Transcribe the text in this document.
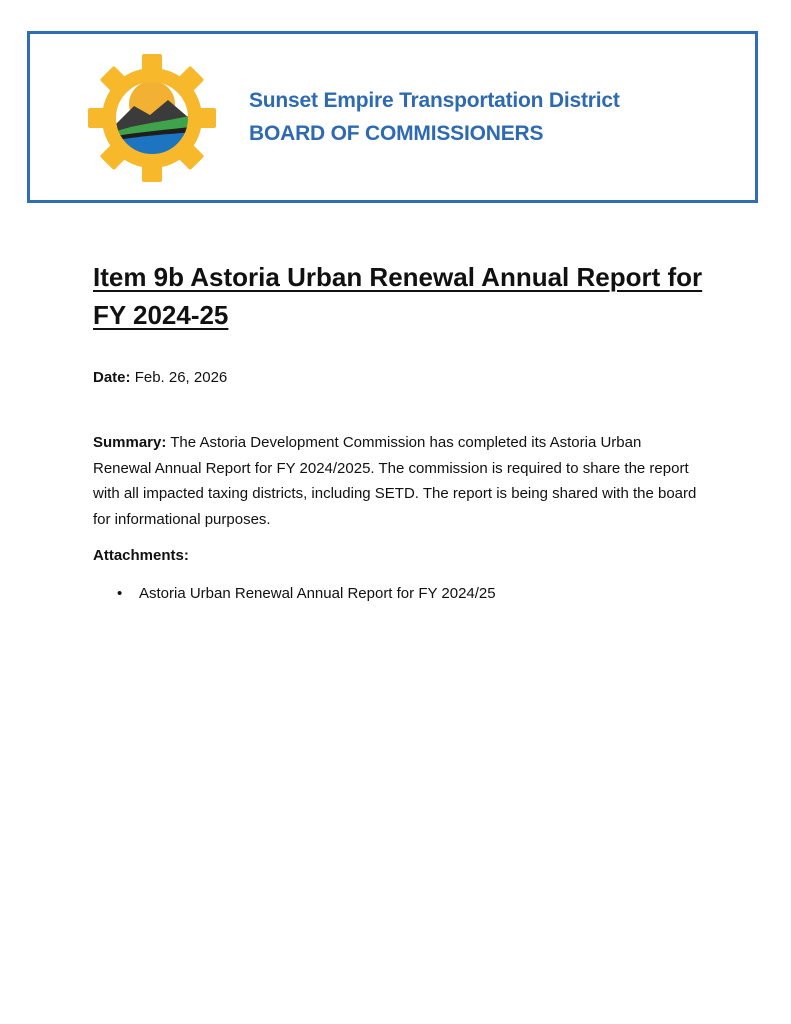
Sunset Empire Transportation District
BOARD OF COMMISSIONERS
Item 9b Astoria Urban Renewal Annual Report for FY 2024-25
Date: Feb. 26, 2026

Summary: The Astoria Development Commission has completed its Astoria Urban Renewal Annual Report for FY 2024/2025. The commission is required to share the report with all impacted taxing districts, including SETD. The report is being shared with the board for informational purposes.

Attachments:
• Astoria Urban Renewal Annual Report for FY 2024/25
